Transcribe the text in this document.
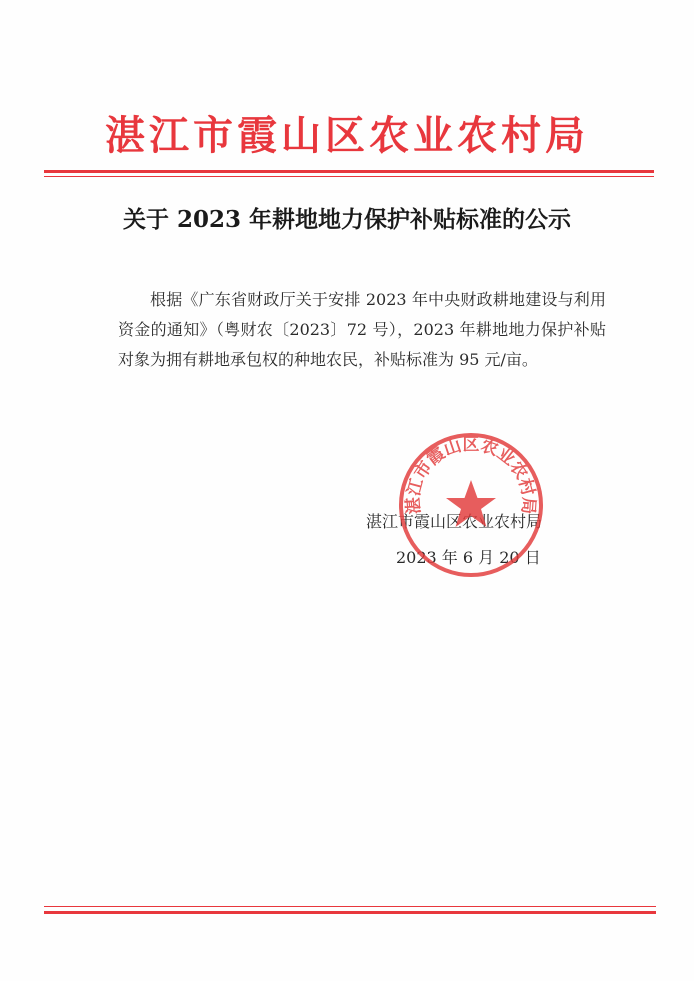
湛江市霞山区农业农村局
关于 2023 年耕地地力保护补贴标准的公示
根据《广东省财政厅关于安排 2023 年中央财政耕地建设与利用资金的通知》（粤财农〔2023〕72 号），2023 年耕地地力保护补贴对象为拥有耕地承包权的种地农民，补贴标准为 95 元/亩。
湛江市霞山区农业农村局
2023 年 6 月 20 日
湛江市霞山区农业农村局
